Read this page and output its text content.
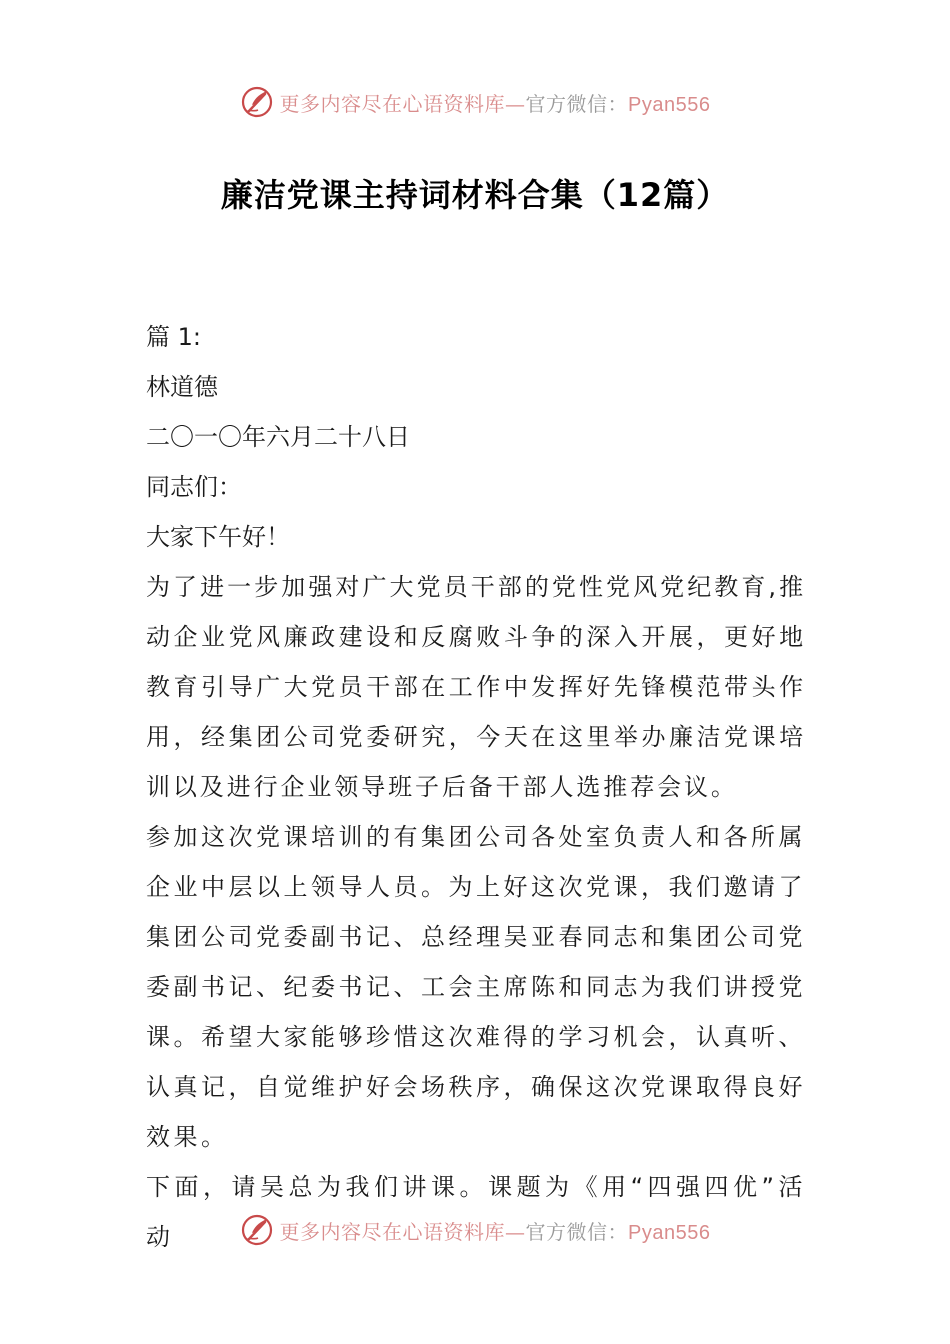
更多内容尽在心语资料库—官方微信：Pyan556
廉洁党课主持词材料合集（12篇）
篇 1:
林道德
二〇一〇年六月二十八日
同志们：
大家下午好！
为了进一步加强对广大党员干部的党性党风党纪教育,推动企业党风廉政建设和反腐败斗争的深入开展，更好地教育引导广大党员干部在工作中发挥好先锋模范带头作用，经集团公司党委研究，今天在这里举办廉洁党课培训以及进行企业领导班子后备干部人选推荐会议。
参加这次党课培训的有集团公司各处室负责人和各所属企业中层以上领导人员。为上好这次党课，我们邀请了集团公司党委副书记、总经理吴亚春同志和集团公司党委副书记、纪委书记、工会主席陈和同志为我们讲授党课。希望大家能够珍惜这次难得的学习机会，认真听、认真记，自觉维护好会场秩序，确保这次党课取得良好效果。
下面，请吴总为我们讲课。课题为《用“四强四优”活动	更多内容尽在心语资料库—官方微信：Pyan556
